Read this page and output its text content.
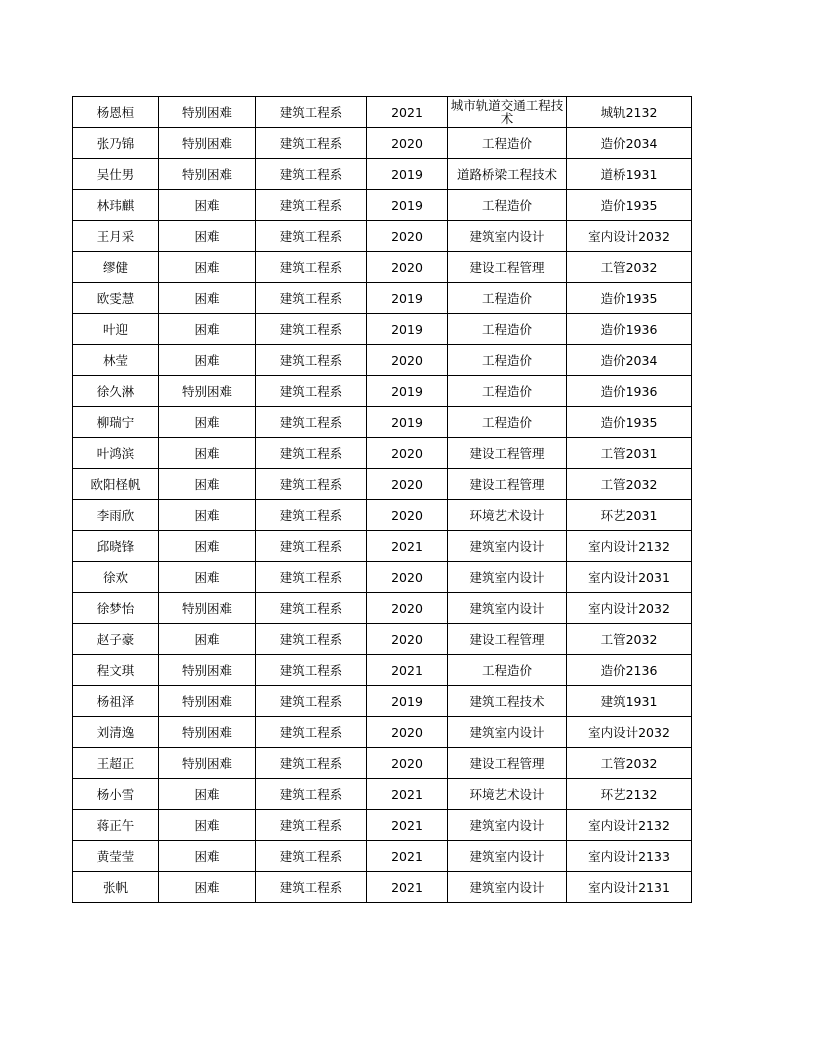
杨恩桓	特别困难	建筑工程系	2021	城市轨道交通工程技术	城轨2132
张乃锦	特别困难	建筑工程系	2020	工程造价	造价2034
吴仕男	特别困难	建筑工程系	2019	道路桥梁工程技术	道桥1931
林玮麒	困难	建筑工程系	2019	工程造价	造价1935
王月采	困难	建筑工程系	2020	建筑室内设计	室内设计2032
缪健	困难	建筑工程系	2020	建设工程管理	工管2032
欧雯慧	困难	建筑工程系	2019	工程造价	造价1935
叶迎	困难	建筑工程系	2019	工程造价	造价1936
林莹	困难	建筑工程系	2020	工程造价	造价2034
徐久淋	特别困难	建筑工程系	2019	工程造价	造价1936
柳瑞宁	困难	建筑工程系	2019	工程造价	造价1935
叶鸿滨	困难	建筑工程系	2020	建设工程管理	工管2031
欧阳柽帆	困难	建筑工程系	2020	建设工程管理	工管2032
李雨欣	困难	建筑工程系	2020	环境艺术设计	环艺2031
邱晓锋	困难	建筑工程系	2021	建筑室内设计	室内设计2132
徐欢	困难	建筑工程系	2020	建筑室内设计	室内设计2031
徐梦怡	特别困难	建筑工程系	2020	建筑室内设计	室内设计2032
赵子豪	困难	建筑工程系	2020	建设工程管理	工管2032
程文琪	特别困难	建筑工程系	2021	工程造价	造价2136
杨祖泽	特别困难	建筑工程系	2019	建筑工程技术	建筑1931
刘清逸	特别困难	建筑工程系	2020	建筑室内设计	室内设计2032
王超正	特别困难	建筑工程系	2020	建设工程管理	工管2032
杨小雪	困难	建筑工程系	2021	环境艺术设计	环艺2132
蒋正午	困难	建筑工程系	2021	建筑室内设计	室内设计2132
黄莹莹	困难	建筑工程系	2021	建筑室内设计	室内设计2133
张帆	困难	建筑工程系	2021	建筑室内设计	室内设计2131
